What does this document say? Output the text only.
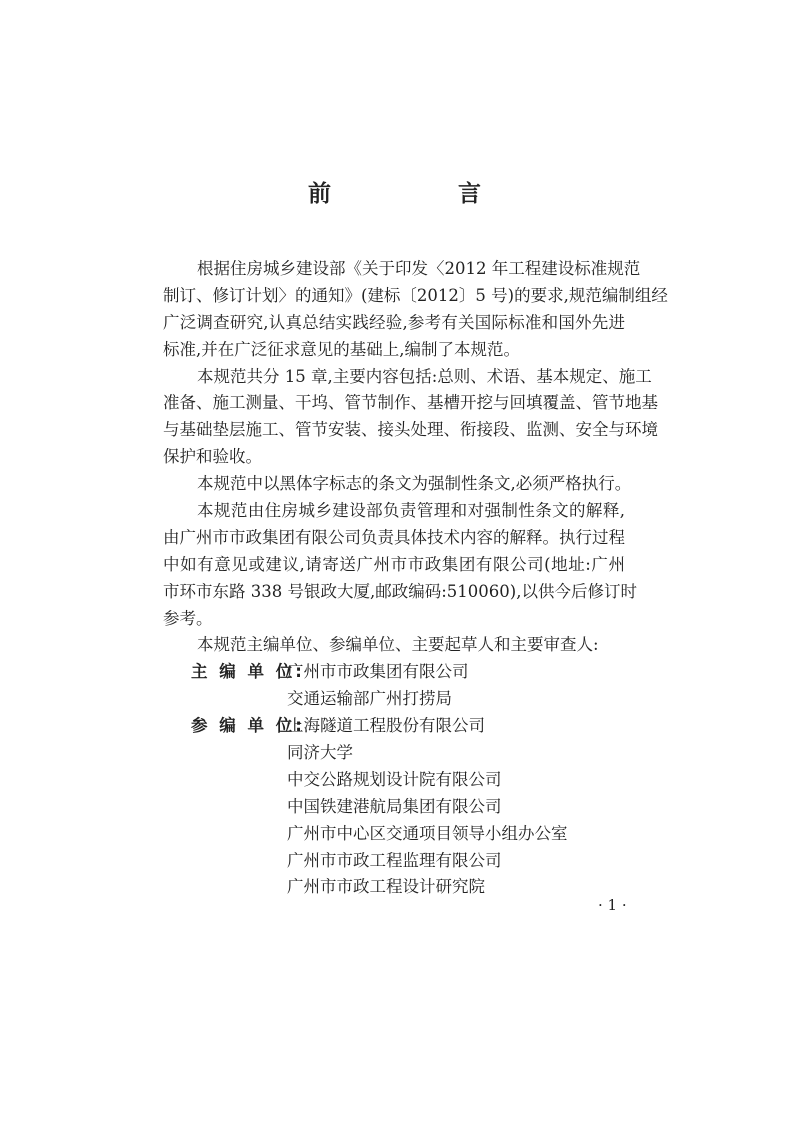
前　言
根据住房城乡建设部《关于印发〈2012 年工程建设标准规范
制订、修订计划〉的通知》(建标〔2012〕5 号)的要求,规范编制组经
广泛调查研究,认真总结实践经验,参考有关国际标准和国外先进
标准,并在广泛征求意见的基础上,编制了本规范。
本规范共分 15 章,主要内容包括:总则、术语、基本规定、施工
准备、施工测量、干坞、管节制作、基槽开挖与回填覆盖、管节地基
与基础垫层施工、管节安装、接头处理、衔接段、监测、安全与环境
保护和验收。
本规范中以黑体字标志的条文为强制性条文,必须严格执行。
本规范由住房城乡建设部负责管理和对强制性条文的解释,
由广州市市政集团有限公司负责具体技术内容的解释。执行过程
中如有意见或建议,请寄送广州市市政集团有限公司(地址:广州
市环市东路 338 号银政大厦,邮政编码:510060),以供今后修订时
参考。
本规范主编单位、参编单位、主要起草人和主要审查人:
主 编 单 位:
广州市市政集团有限公司
交通运输部广州打捞局
参 编 单 位:
上海隧道工程股份有限公司
同济大学
中交公路规划设计院有限公司
中国铁建港航局集团有限公司
广州市中心区交通项目领导小组办公室
广州市市政工程监理有限公司
广州市市政工程设计研究院
· 1 ·
